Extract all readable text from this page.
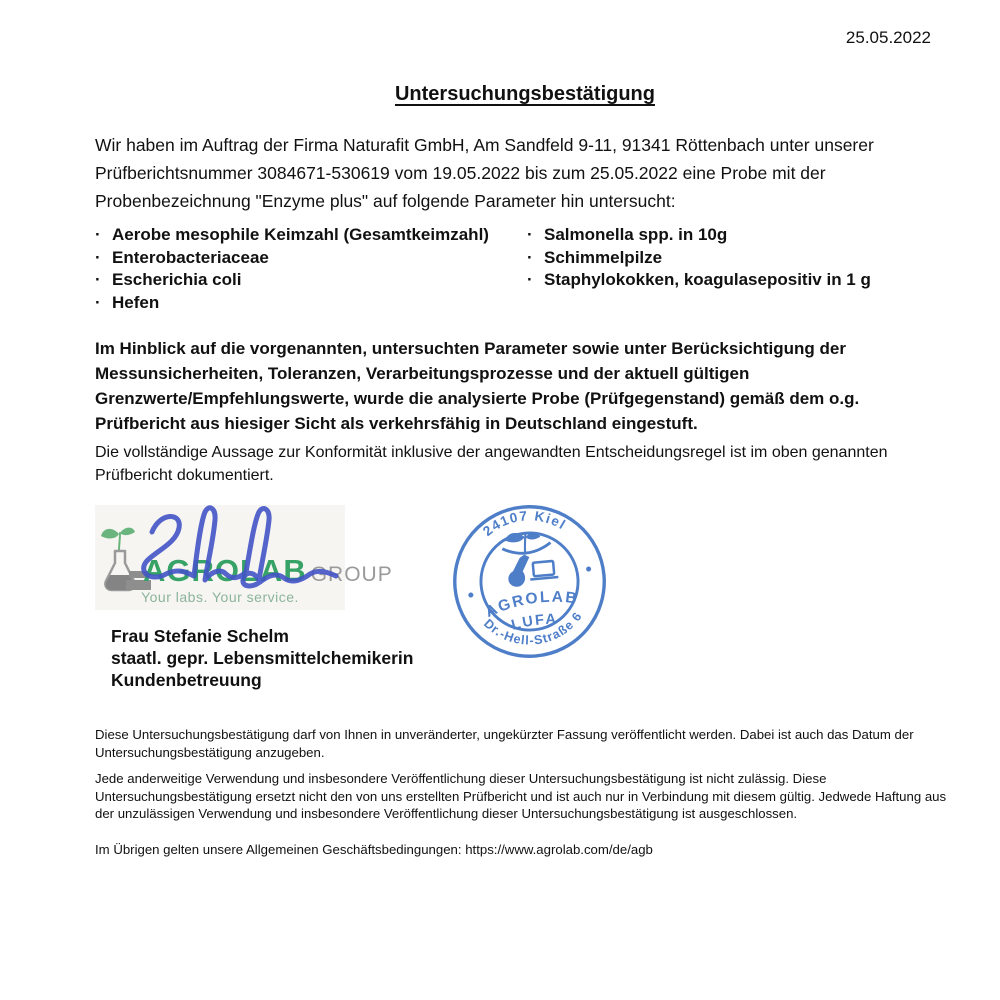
25.05.2022
Untersuchungsbestätigung

Wir haben im Auftrag der Firma Naturafit GmbH, Am Sandfeld 9-11, 91341 Röttenbach unter unserer Prüfberichtsnummer 3084671-530619 vom 19.05.2022 bis zum 25.05.2022 eine Probe mit der Probenbezeichnung "Enzyme plus" auf folgende Parameter hin untersucht:

· Aerobe mesophile Keimzahl (Gesamtkeimzahl)
· Enterobacteriaceae
· Escherichia coli
· Hefen
· Salmonella spp. in 10g
· Schimmelpilze
· Staphylokokken, koagulasepositiv in 1 g

Im Hinblick auf die vorgenannten, untersuchten Parameter sowie unter Berücksichtigung der Messunsicherheiten, Toleranzen, Verarbeitungsprozesse und der aktuell gültigen Grenzwerte/Empfehlungswerte, wurde die analysierte Probe (Prüfgegenstand) gemäß dem o.g. Prüfbericht aus hiesiger Sicht als verkehrsfähig in Deutschland eingestuft.

Die vollständige Aussage zur Konformität inklusive der angewandten Entscheidungsregel ist im oben genannten Prüfbericht dokumentiert.

AGROLAB GROUP
Your labs. Your service.
24107 Kiel
AGROLAB
LUFA
Dr.-Hell-Straße 6
Frau Stefanie Schelm
staatl. gepr. Lebensmittelchemikerin
Kundenbetreuung

Diese Untersuchungsbestätigung darf von Ihnen in unveränderter, ungekürzter Fassung veröffentlicht werden. Dabei ist auch das Datum der Untersuchungsbestätigung anzugeben.

Jede anderweitige Verwendung und insbesondere Veröffentlichung dieser Untersuchungsbestätigung ist nicht zulässig. Diese Untersuchungsbestätigung ersetzt nicht den von uns erstellten Prüfbericht und ist auch nur in Verbindung mit diesem gültig. Jedwede Haftung aus der unzulässigen Verwendung und insbesondere Veröffentlichung dieser Untersuchungsbestätigung ist ausgeschlossen.

Im Übrigen gelten unsere Allgemeinen Geschäftsbedingungen: https://www.agrolab.com/de/agb
